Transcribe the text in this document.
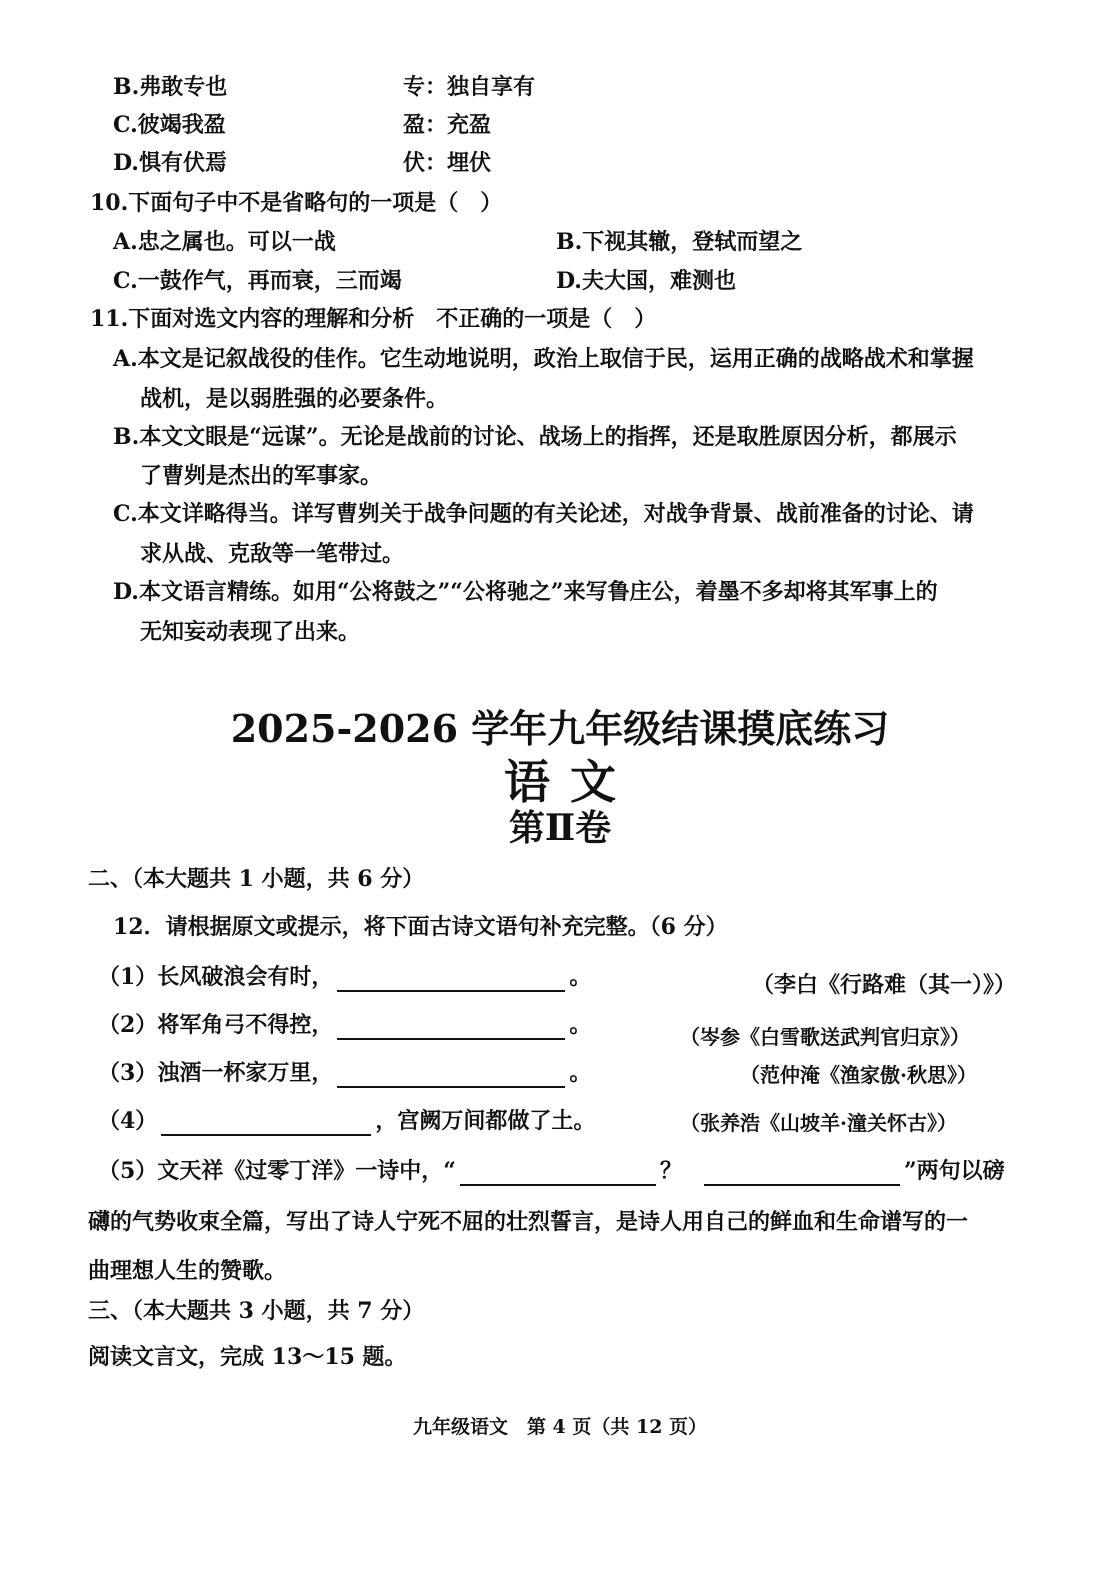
B.弗敢专也	专：独自享有
C.彼竭我盈	盈：充盈
D.惧有伏焉	伏：埋伏
10.下面句子中不是省略句的一项是（　）
A.忠之属也。可以一战	B.下视其辙，登轼而望之
C.一鼓作气，再而衰，三而竭	D.夫大国，难测也
11.下面对选文内容的理解和分析　不正确的一项是（　）
A.本文是记叙战役的佳作。它生动地说明，政治上取信于民，运用正确的战略战术和掌握
战机，是以弱胜强的必要条件。
B.本文文眼是“远谋”。无论是战前的讨论、战场上的指挥，还是取胜原因分析，都展示
了曹刿是杰出的军事家。
C.本文详略得当。详写曹刿关于战争问题的有关论述，对战争背景、战前准备的讨论、请
求从战、克敌等一笔带过。
D.本文语言精练。如用“公将鼓之”“公将驰之”来写鲁庄公，着墨不多却将其军事上的
无知妄动表现了出来。
2025-2026 学年九年级结课摸底练习
语文
第Ⅱ卷
二、（本大题共 1 小题，共 6 分）
12．请根据原文或提示，将下面古诗文语句补充完整。（6 分）
（1）长风破浪会有时，	。	（李白《行路难（其一）》）
（2）将军角弓不得控，	。	（岑参《白雪歌送武判官归京》）
（3）浊酒一杯家万里，	。	（范仲淹《渔家傲·秋思》）
（4）	，宫阙万间都做了土。	（张养浩《山坡羊·潼关怀古》）
（5）文天祥《过零丁洋》一诗中，“	？	”两句以磅
礴的气势收束全篇，写出了诗人宁死不屈的壮烈誓言，是诗人用自己的鲜血和生命谱写的一
曲理想人生的赞歌。
三、（本大题共 3 小题，共 7 分）
阅读文言文，完成 13～15 题。
九年级语文　第 4 页（共 12 页）
